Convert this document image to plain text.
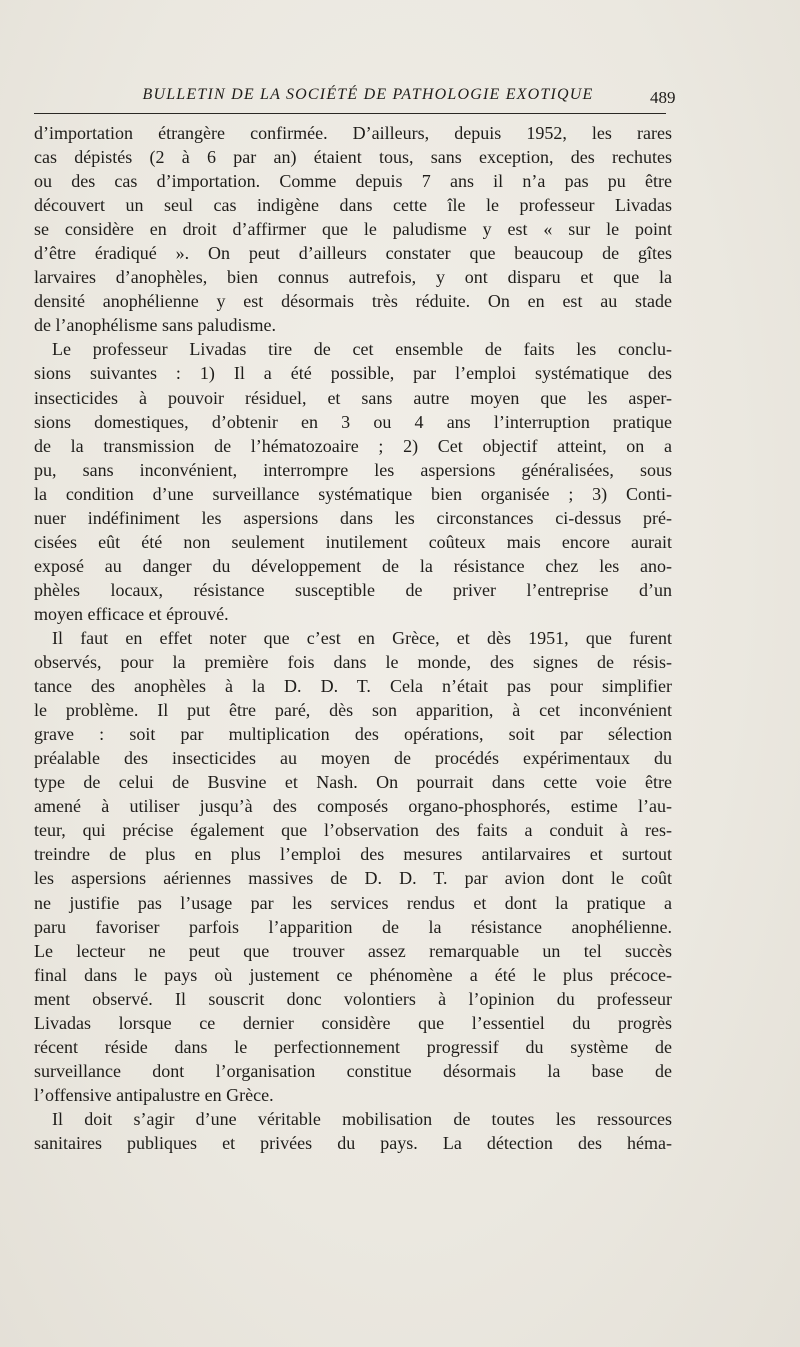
BULLETIN DE LA SOCIÉTÉ DE PATHOLOGIE EXOTIQUE	489
d’importation étrangère confirmée. D’ailleurs, depuis 1952, les rares
cas dépistés (2 à 6 par an) étaient tous, sans exception, des rechutes
ou des cas d’importation. Comme depuis 7 ans il n’a pas pu être
découvert un seul cas indigène dans cette île le professeur Livadas
se considère en droit d’affirmer que le paludisme y est « sur le point
d’être éradiqué ». On peut d’ailleurs constater que beaucoup de gîtes
larvaires d’anophèles, bien connus autrefois, y ont disparu et que la
densité anophélienne y est désormais très réduite. On en est au stade
de l’anophélisme sans paludisme.
Le professeur Livadas tire de cet ensemble de faits les conclu-
sions suivantes : 1) Il a été possible, par l’emploi systématique des
insecticides à pouvoir résiduel, et sans autre moyen que les asper-
sions domestiques, d’obtenir en 3 ou 4 ans l’interruption pratique
de la transmission de l’hématozoaire ; 2) Cet objectif atteint, on a
pu, sans inconvénient, interrompre les aspersions généralisées, sous
la condition d’une surveillance systématique bien organisée ; 3) Conti-
nuer indéfiniment les aspersions dans les circonstances ci-dessus pré-
cisées eût été non seulement inutilement coûteux mais encore aurait
exposé au danger du développement de la résistance chez les ano-
phèles locaux, résistance susceptible de priver l’entreprise d’un
moyen efficace et éprouvé.
Il faut en effet noter que c’est en Grèce, et dès 1951, que furent
observés, pour la première fois dans le monde, des signes de résis-
tance des anophèles à la D. D. T. Cela n’était pas pour simplifier
le problème. Il put être paré, dès son apparition, à cet inconvénient
grave : soit par multiplication des opérations, soit par sélection
préalable des insecticides au moyen de procédés expérimentaux du
type de celui de Busvine et Nash. On pourrait dans cette voie être
amené à utiliser jusqu’à des composés organo-phosphorés, estime l’au-
teur, qui précise également que l’observation des faits a conduit à res-
treindre de plus en plus l’emploi des mesures antilarvaires et surtout
les aspersions aériennes massives de D. D. T. par avion dont le coût
ne justifie pas l’usage par les services rendus et dont la pratique a
paru favoriser parfois l’apparition de la résistance anophélienne.
Le lecteur ne peut que trouver assez remarquable un tel succès
final dans le pays où justement ce phénomène a été le plus précoce-
ment observé. Il souscrit donc volontiers à l’opinion du professeur
Livadas lorsque ce dernier considère que l’essentiel du progrès
récent réside dans le perfectionnement progressif du système de
surveillance dont l’organisation constitue désormais la base de
l’offensive antipalustre en Grèce.
Il doit s’agir d’une véritable mobilisation de toutes les ressources
sanitaires publiques et privées du pays. La détection des héma-
